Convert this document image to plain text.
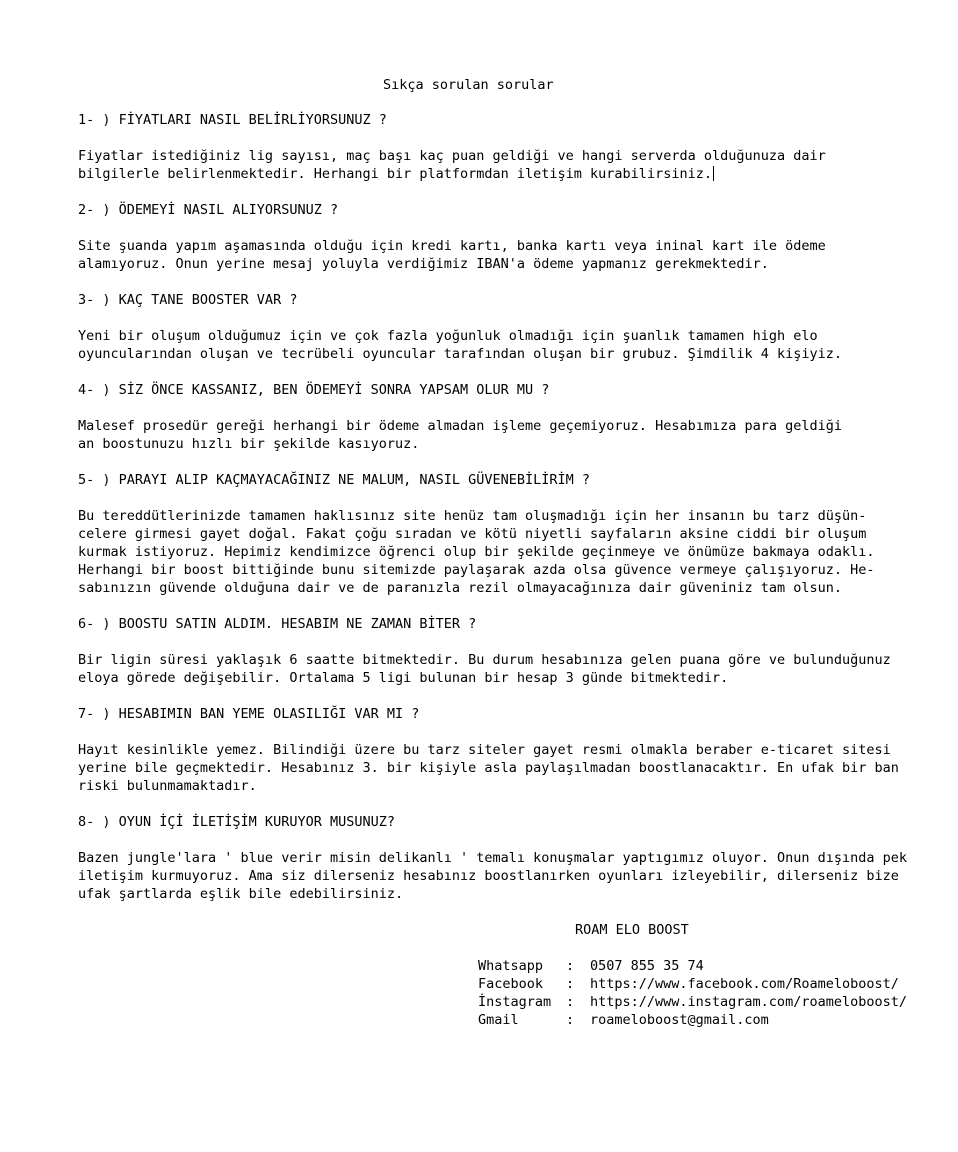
Sıkça sorulan sorular

1- ) FİYATLARI NASIL BELİRLİYORSUNUZ ?

Fiyatlar istediğiniz lig sayısı, maç başı kaç puan geldiği ve hangi serverda olduğunuza dair
bilgilerle belirlenmektedir. Herhangi bir platformdan iletişim kurabilirsiniz.

2- ) ÖDEMEYİ NASIL ALIYORSUNUZ ?

Site şuanda yapım aşamasında olduğu için kredi kartı, banka kartı veya ininal kart ile ödeme
alamıyoruz. Onun yerine mesaj yoluyla verdiğimiz IBAN'a ödeme yapmanız gerekmektedir.

3- ) KAÇ TANE BOOSTER VAR ?

Yeni bir oluşum olduğumuz için ve çok fazla yoğunluk olmadığı için şuanlık tamamen high elo
oyuncularından oluşan ve tecrübeli oyuncular tarafından oluşan bir grubuz. Şimdilik 4 kişiyiz.

4- ) SİZ ÖNCE KASSANIZ, BEN ÖDEMEYİ SONRA YAPSAM OLUR MU ?

Malesef prosedür gereği herhangi bir ödeme almadan işleme geçemiyoruz. Hesabımıza para geldiği
an boostunuzu hızlı bir şekilde kasıyoruz.

5- ) PARAYI ALIP KAÇMAYACAĞINIZ NE MALUM, NASIL GÜVENEBİLİRİM ?

Bu tereddütlerinizde tamamen haklısınız site henüz tam oluşmadığı için her insanın bu tarz düşün-
celere girmesi gayet doğal. Fakat çoğu sıradan ve kötü niyetli sayfaların aksine ciddi bir oluşum
kurmak istiyoruz. Hepimiz kendimizce öğrenci olup bir şekilde geçinmeye ve önümüze bakmaya odaklı.
Herhangi bir boost bittiğinde bunu sitemizde paylaşarak azda olsa güvence vermeye çalışıyoruz. He-
sabınızın güvende olduğuna dair ve de paranızla rezil olmayacağınıza dair güveniniz tam olsun.

6- ) BOOSTU SATIN ALDIM. HESABIM NE ZAMAN BİTER ?

Bir ligin süresi yaklaşık 6 saatte bitmektedir. Bu durum hesabınıza gelen puana göre ve bulunduğunuz
eloya görede değişebilir. Ortalama 5 ligi bulunan bir hesap 3 günde bitmektedir.

7- ) HESABIMIN BAN YEME OLASILIĞI VAR MI ?

Hayıt kesinlikle yemez. Bilindiği üzere bu tarz siteler gayet resmi olmakla beraber e-ticaret sitesi
yerine bile geçmektedir. Hesabınız 3. bir kişiyle asla paylaşılmadan boostlanacaktır. En ufak bir ban
riski bulunmamaktadır.

8- ) OYUN İÇİ İLETİŞİM KURUYOR MUSUNUZ?

Bazen jungle'lara ' blue verir misin delikanlı ' temalı konuşmalar yaptıgımız oluyor. Onun dışında pek
iletişim kurmuyoruz. Ama siz dilerseniz hesabınız boostlanırken oyunları izleyebilir, dilerseniz bize
ufak şartlarda eşlik bile edebilirsiniz.

ROAM ELO BOOST
Whatsapp	:	0507 855 35 74
Facebook	:	https://www.facebook.com/Roameloboost/
İnstagram	:	https://www.instagram.com/roameloboost/
Gmail	:	roameloboost@gmail.com
